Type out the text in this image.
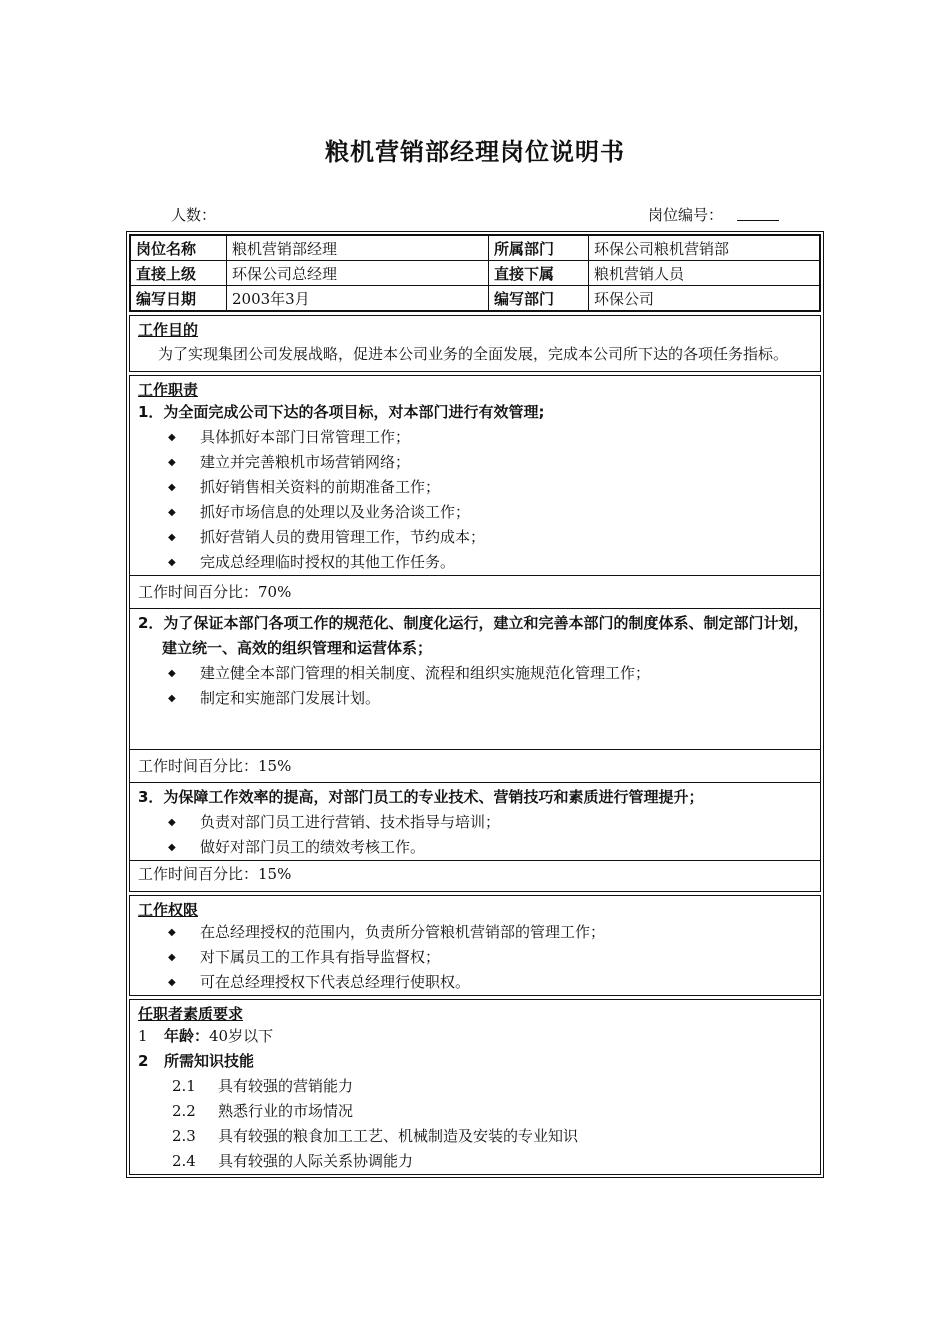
粮机营销部经理岗位说明书
人数：	岗位编号：
岗位名称	粮机营销部经理	所属部门	环保公司粮机营销部
直接上级	环保公司总经理	直接下属	粮机营销人员
编写日期	2003年3月	编写部门	环保公司
工作目的
为了实现集团公司发展战略，促进本公司业务的全面发展，完成本公司所下达的各项任务指标。
工作职责
1．为全面完成公司下达的各项目标，对本部门进行有效管理;
◆ 具体抓好本部门日常管理工作；
◆ 建立并完善粮机市场营销网络；
◆ 抓好销售相关资料的前期准备工作；
◆ 抓好市场信息的处理以及业务洽谈工作；
◆ 抓好营销人员的费用管理工作，节约成本；
◆ 完成总经理临时授权的其他工作任务。
工作时间百分比：70%
2．为了保证本部门各项工作的规范化、制度化运行，建立和完善本部门的制度体系、制定部门计划，建立统一、高效的组织管理和运营体系；
◆ 建立健全本部门管理的相关制度、流程和组织实施规范化管理工作；
◆ 制定和实施部门发展计划。
工作时间百分比：15%
3．为保障工作效率的提高，对部门员工的专业技术、营销技巧和素质进行管理提升；
◆ 负责对部门员工进行营销、技术指导与培训；
◆ 做好对部门员工的绩效考核工作。
工作时间百分比：15%
工作权限
◆ 在总经理授权的范围内，负责所分管粮机营销部的管理工作；
◆ 对下属员工的工作具有指导监督权；
◆ 可在总经理授权下代表总经理行使职权。
任职者素质要求
1 年龄：40岁以下
2 所需知识技能
2.1 具有较强的营销能力
2.2 熟悉行业的市场情况
2.3 具有较强的粮食加工工艺、机械制造及安装的专业知识
2.4 具有较强的人际关系协调能力
